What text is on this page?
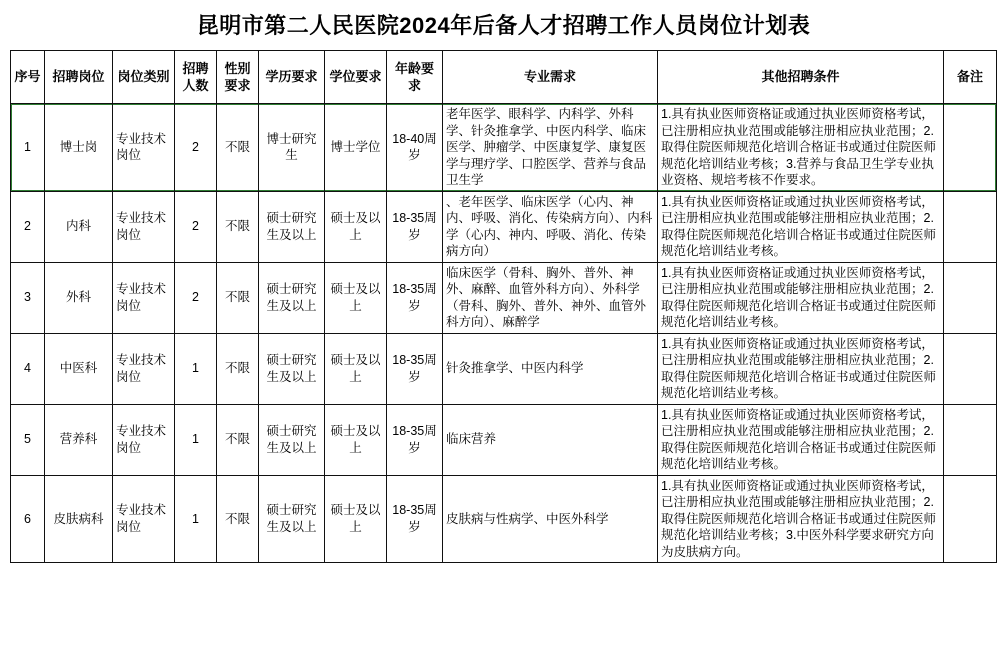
昆明市第二人民医院2024年后备人才招聘工作人员岗位计划表
序号	招聘岗位	岗位类别	招聘人数	性别要求	学历要求	学位要求	年龄要求	专业需求	其他招聘条件	备注
1	博士岗	专业技术岗位	2	不限	博士研究生	博士学位	18-40周岁	老年医学、眼科学、内科学、外科学、针灸推拿学、中医内科学、临床医学、肿瘤学、中医康复学、康复医学与理疗学、口腔医学、营养与食品卫生学	1.具有执业医师资格证或通过执业医师资格考试，已注册相应执业范围或能够注册相应执业范围；2.取得住院医师规范化培训合格证书或通过住院医师规范化培训结业考核；3.营养与食品卫生学专业执业资格、规培考核不作要求。	
2	内科	专业技术岗位	2	不限	硕士研究生及以上	硕士及以上	18-35周岁	、老年医学、临床医学（心内、神内、呼吸、消化、传染病方向）、内科学（心内、神内、呼吸、消化、传染病方向）	1.具有执业医师资格证或通过执业医师资格考试，已注册相应执业范围或能够注册相应执业范围；2.取得住院医师规范化培训合格证书或通过住院医师规范化培训结业考核。	
3	外科	专业技术岗位	2	不限	硕士研究生及以上	硕士及以上	18-35周岁	临床医学（骨科、胸外、普外、神外、麻醉、血管外科方向）、外科学（骨科、胸外、普外、神外、血管外科方向）、麻醉学	1.具有执业医师资格证或通过执业医师资格考试，已注册相应执业范围或能够注册相应执业范围；2.取得住院医师规范化培训合格证书或通过住院医师规范化培训结业考核。	
4	中医科	专业技术岗位	1	不限	硕士研究生及以上	硕士及以上	18-35周岁	针灸推拿学、中医内科学	1.具有执业医师资格证或通过执业医师资格考试，已注册相应执业范围或能够注册相应执业范围；2.取得住院医师规范化培训合格证书或通过住院医师规范化培训结业考核。	
5	营养科	专业技术岗位	1	不限	硕士研究生及以上	硕士及以上	18-35周岁	临床营养	1.具有执业医师资格证或通过执业医师资格考试，已注册相应执业范围或能够注册相应执业范围；2.取得住院医师规范化培训合格证书或通过住院医师规范化培训结业考核。	
6	皮肤病科	专业技术岗位	1	不限	硕士研究生及以上	硕士及以上	18-35周岁	皮肤病与性病学、中医外科学	1.具有执业医师资格证或通过执业医师资格考试，已注册相应执业范围或能够注册相应执业范围；2.取得住院医师规范化培训合格证书或通过住院医师规范化培训结业考核；3.中医外科学要求研究方向为皮肤病方向。	
